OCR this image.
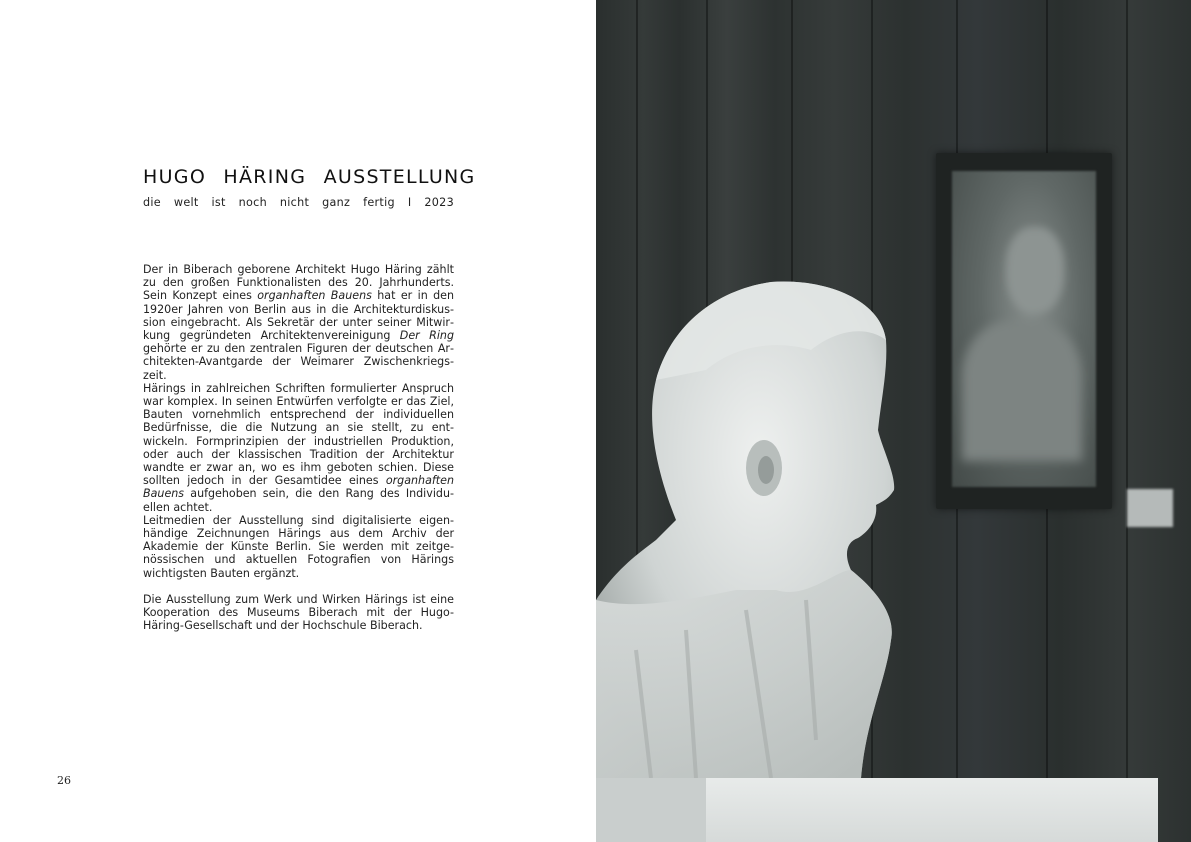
HUGO HÄRING AUSSTELLUNG
die welt ist noch nicht ganz fertig I 2023

Der in Biberach geborene Architekt Hugo Häring zählt zu den großen Funktionalisten des 20. Jahrhunderts. Sein Konzept eines organhaften Bauens hat er in den 1920er Jahren von Berlin aus in die Architekturdiskussion eingebracht. Als Sekretär der unter seiner Mitwirkung gegründeten Architektenvereinigung Der Ring gehörte er zu den zentralen Figuren der deutschen Architekten-Avantgarde der Weimarer Zwischenkriegszeit.

Härings in zahlreichen Schriften formulierter Anspruch war komplex. In seinen Entwürfen verfolgte er das Ziel, Bauten vornehmlich entsprechend der individuellen Bedürfnisse, die die Nutzung an sie stellt, zu entwickeln. Formprinzipien der industriellen Produktion, oder auch der klassischen Tradition der Architektur wandte er zwar an, wo es ihm geboten schien. Diese sollten jedoch in der Gesamtidee eines organhaften Bauens aufgehoben sein, die den Rang des Individuellen achtet.

Leitmedien der Ausstellung sind digitalisierte eigenhändige Zeichnungen Härings aus dem Archiv der Akademie der Künste Berlin. Sie werden mit zeitgenössischen und aktuellen Fotografien von Härings wichtigsten Bauten ergänzt.

Die Ausstellung zum Werk und Wirken Härings ist eine Kooperation des Museums Biberach mit der Hugo-Häring-Gesellschaft und der Hochschule Biberach.

26
